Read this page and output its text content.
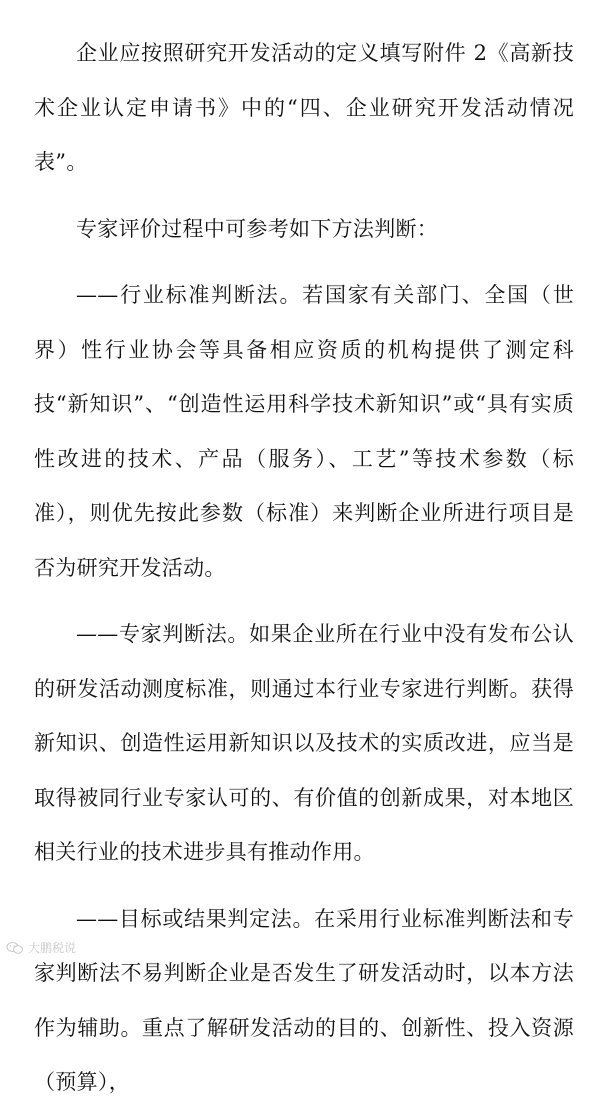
企业应按照研究开发活动的定义填写附件 2《高新技术企业认定申请书》中的“四、企业研究开发活动情况表”。

专家评价过程中可参考如下方法判断：

——行业标准判断法。若国家有关部门、全国（世界）性行业协会等具备相应资质的机构提供了测定科技“新知识”、“创造性运用科学技术新知识”或“具有实质性改进的技术、产品（服务）、工艺”等技术参数（标准），则优先按此参数（标准）来判断企业所进行项目是否为研究开发活动。

——专家判断法。如果企业所在行业中没有发布公认的研发活动测度标准，则通过本行业专家进行判断。获得新知识、创造性运用新知识以及技术的实质改进，应当是取得被同行业专家认可的、有价值的创新成果，对本地区相关行业的技术进步具有推动作用。

——目标或结果判定法。在采用行业标准判断法和专家判断法不易判断企业是否发生了研发活动时，以本方法作为辅助。重点了解研发活动的目的、创新性、投入资源（预算），

大鹏税说
